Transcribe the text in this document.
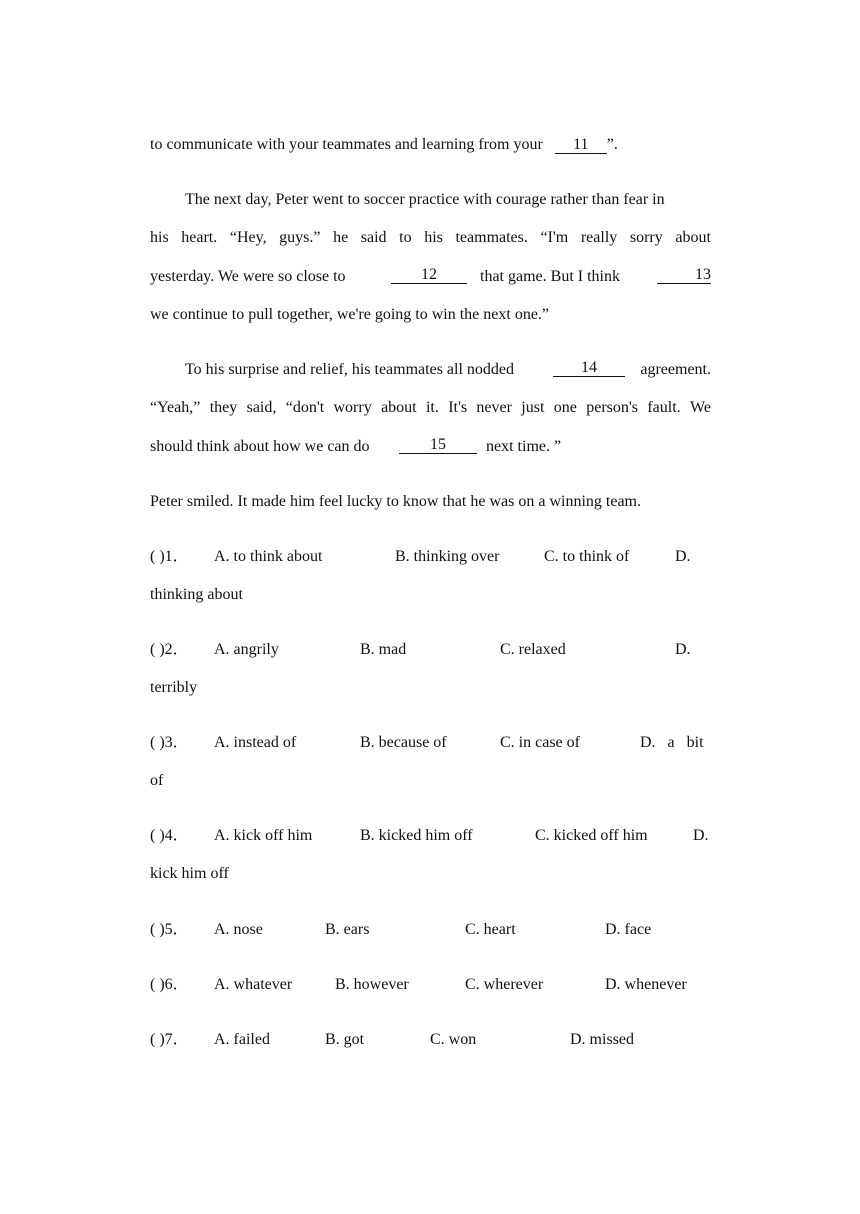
to communicate with your teammates and learning from your 11 ”.
The next day, Peter went to soccer practice with courage rather than fear in
his heart. “Hey, guys.” he said to his teammates. “I'm really sorry about
yesterday. We were so close to	12	that game. But I think	13
we continue to pull together, we're going to win the next one.”
To his surprise and relief, his teammates all nodded	14	agreement.
“Yeah,” they said, “don't worry about it. It's never just one person's fault. We
should think about how we can do	15	next time. ”
Peter smiled. It made him feel lucky to know that he was on a winning team.
( )1． A. to think about	B. thinking over	C. to think of	D.
thinking about
( )2． A. angrily	B. mad	C. relaxed	D.
terribly
( )3． A. instead of	B. because of	C. in case of	D.   a   bit
of
( )4． A. kick off him	B. kicked him off	C. kicked off him	D.
kick him off
( )5． A. nose	B. ears	C. heart	D. face
( )6． A. whatever	B. however	C. wherever	D. whenever
( )7． A. failed	B. got	C. won	D. missed
